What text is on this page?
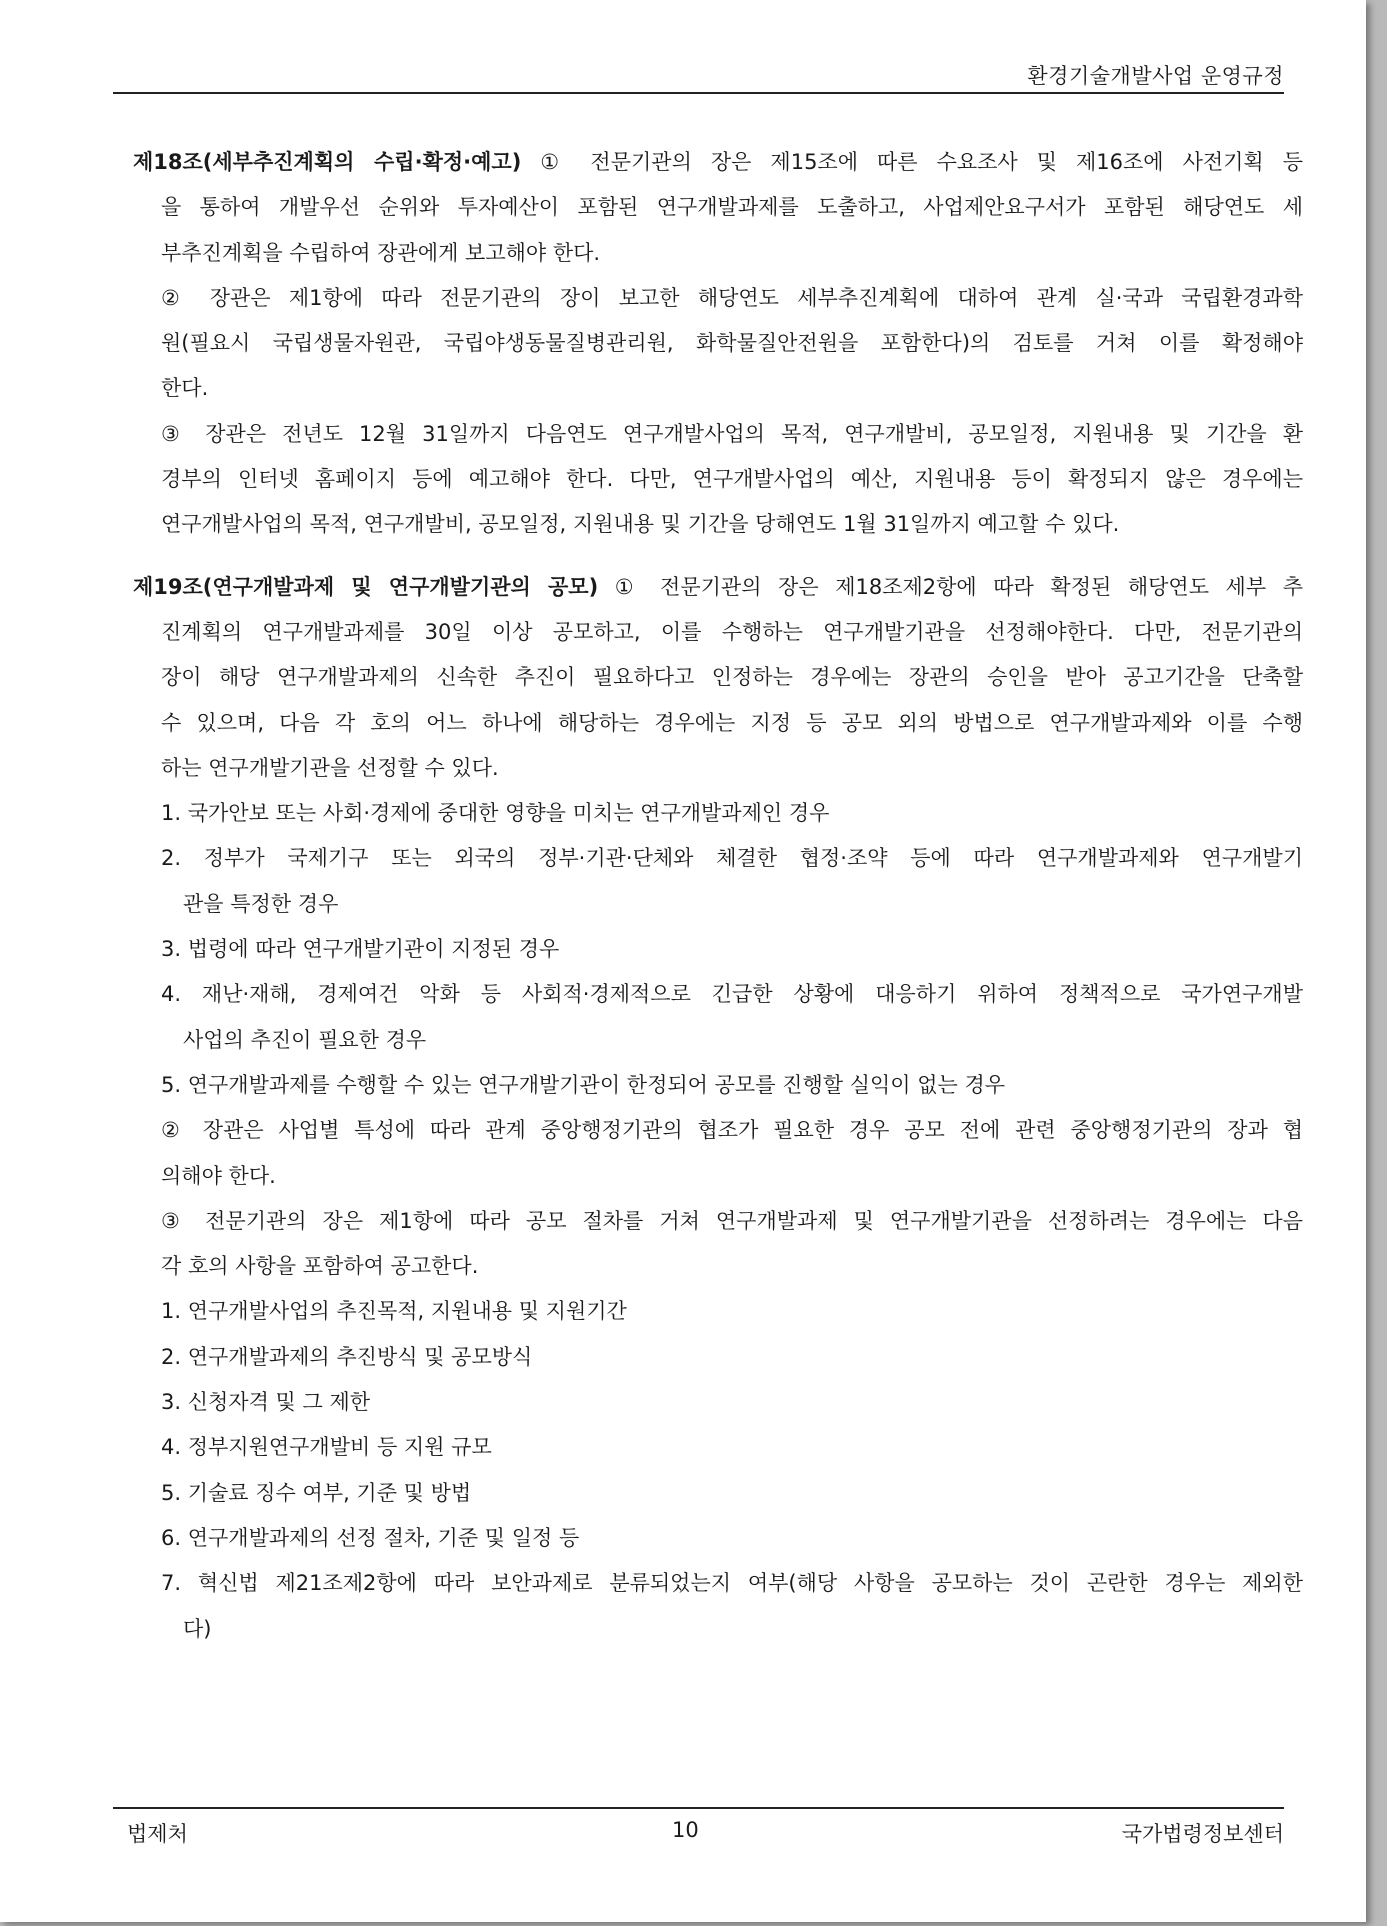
환경기술개발사업 운영규정
제18조(세부추진계획의 수립·확정·예고) ① 전문기관의 장은 제15조에 따른 수요조사 및 제16조에 사전기획 등
을 통하여 개발우선 순위와 투자예산이 포함된 연구개발과제를 도출하고, 사업제안요구서가 포함된 해당연도 세
부추진계획을 수립하여 장관에게 보고해야 한다.
② 장관은 제1항에 따라 전문기관의 장이 보고한 해당연도 세부추진계획에 대하여 관계 실·국과 국립환경과학
원(필요시 국립생물자원관, 국립야생동물질병관리원, 화학물질안전원을 포함한다)의 검토를 거쳐 이를 확정해야
한다.
③ 장관은 전년도 12월 31일까지 다음연도 연구개발사업의 목적, 연구개발비, 공모일정, 지원내용 및 기간을 환
경부의 인터넷 홈페이지 등에 예고해야 한다. 다만, 연구개발사업의 예산, 지원내용 등이 확정되지 않은 경우에는
연구개발사업의 목적, 연구개발비, 공모일정, 지원내용 및 기간을 당해연도 1월 31일까지 예고할 수 있다.
제19조(연구개발과제 및 연구개발기관의 공모) ① 전문기관의 장은 제18조제2항에 따라 확정된 해당연도 세부 추
진계획의 연구개발과제를 30일 이상 공모하고, 이를 수행하는 연구개발기관을 선정해야한다. 다만, 전문기관의
장이 해당 연구개발과제의 신속한 추진이 필요하다고 인정하는 경우에는 장관의 승인을 받아 공고기간을 단축할
수 있으며, 다음 각 호의 어느 하나에 해당하는 경우에는 지정 등 공모 외의 방법으로 연구개발과제와 이를 수행
하는 연구개발기관을 선정할 수 있다.
1. 국가안보 또는 사회·경제에 중대한 영향을 미치는 연구개발과제인 경우
2. 정부가 국제기구 또는 외국의 정부·기관·단체와 체결한 협정·조약 등에 따라 연구개발과제와 연구개발기
관을 특정한 경우
3. 법령에 따라 연구개발기관이 지정된 경우
4. 재난·재해, 경제여건 악화 등 사회적·경제적으로 긴급한 상황에 대응하기 위하여 정책적으로 국가연구개발
사업의 추진이 필요한 경우
5. 연구개발과제를 수행할 수 있는 연구개발기관이 한정되어 공모를 진행할 실익이 없는 경우
② 장관은 사업별 특성에 따라 관계 중앙행정기관의 협조가 필요한 경우 공모 전에 관련 중앙행정기관의 장과 협
의해야 한다.
③ 전문기관의 장은 제1항에 따라 공모 절차를 거쳐 연구개발과제 및 연구개발기관을 선정하려는 경우에는 다음
각 호의 사항을 포함하여 공고한다.
1. 연구개발사업의 추진목적, 지원내용 및 지원기간
2. 연구개발과제의 추진방식 및 공모방식
3. 신청자격 및 그 제한
4. 정부지원연구개발비 등 지원 규모
5. 기술료 징수 여부, 기준 및 방법
6. 연구개발과제의 선정 절차, 기준 및 일정 등
7. 혁신법 제21조제2항에 따라 보안과제로 분류되었는지 여부(해당 사항을 공모하는 것이 곤란한 경우는 제외한
다)
법제처	10	국가법령정보센터
